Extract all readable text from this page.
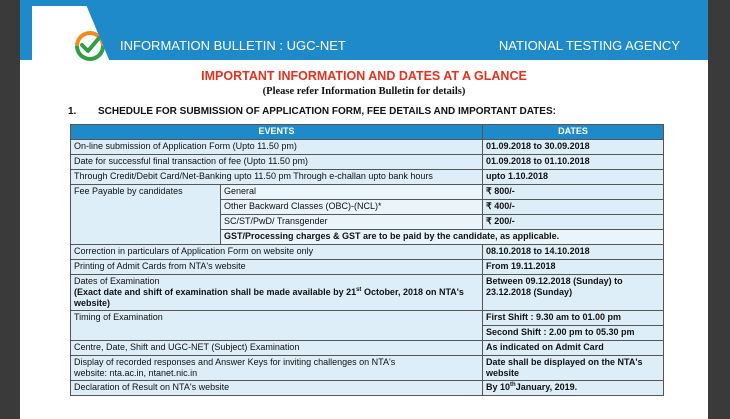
INFORMATION BULLETIN : UGC-NET	NATIONAL TESTING AGENCY
IMPORTANT INFORMATION AND DATES AT A GLANCE
(Please refer Information Bulletin for details)
1. SCHEDULE FOR SUBMISSION OF APPLICATION FORM, FEE DETAILS AND IMPORTANT DATES:
EVENTS		DATES
On-line submission of Application Form (Upto 11.50 pm)		01.09.2018 to 30.09.2018
Date for successful final transaction of fee (Upto 11.50 pm)		01.09.2018 to 01.10.2018
Through Credit/Debit Card/Net-Banking upto 11.50 pm Through e-challan upto bank hours		upto 1.10.2018
Fee Payable by candidates	General	₹ 800/-
	Other Backward Classes (OBC)-(NCL)*	₹ 400/-
	SC/ST/PwD/ Transgender	₹ 200/-
	GST/Processing charges & GST are to be paid by the candidate, as applicable.	
Correction in particulars of Application Form on website only		08.10.2018 to 14.10.2018
Printing of Admit Cards from NTA's website		From 19.11.2018

Dates of Examination
(Exact date and shift of examination shall be made available by 21st October, 2018 on NTA's website)		Between 09.12.2018 (Sunday) to 23.12.2018 (Sunday)
Timing of Examination		First Shift : 9.30 am to 01.00 pm
		Second Shift : 2.00 pm to 05.30 pm
Centre, Date, Shift and UGC-NET (Subject) Examination		As indicated on Admit Card

Display of recorded responses and Answer Keys for inviting challenges on NTA's
website: nta.ac.in, ntanet.nic.in		Date shall be displayed on the NTA's website
Declaration of Result on NTA's website		By 10thJanuary, 2019.
